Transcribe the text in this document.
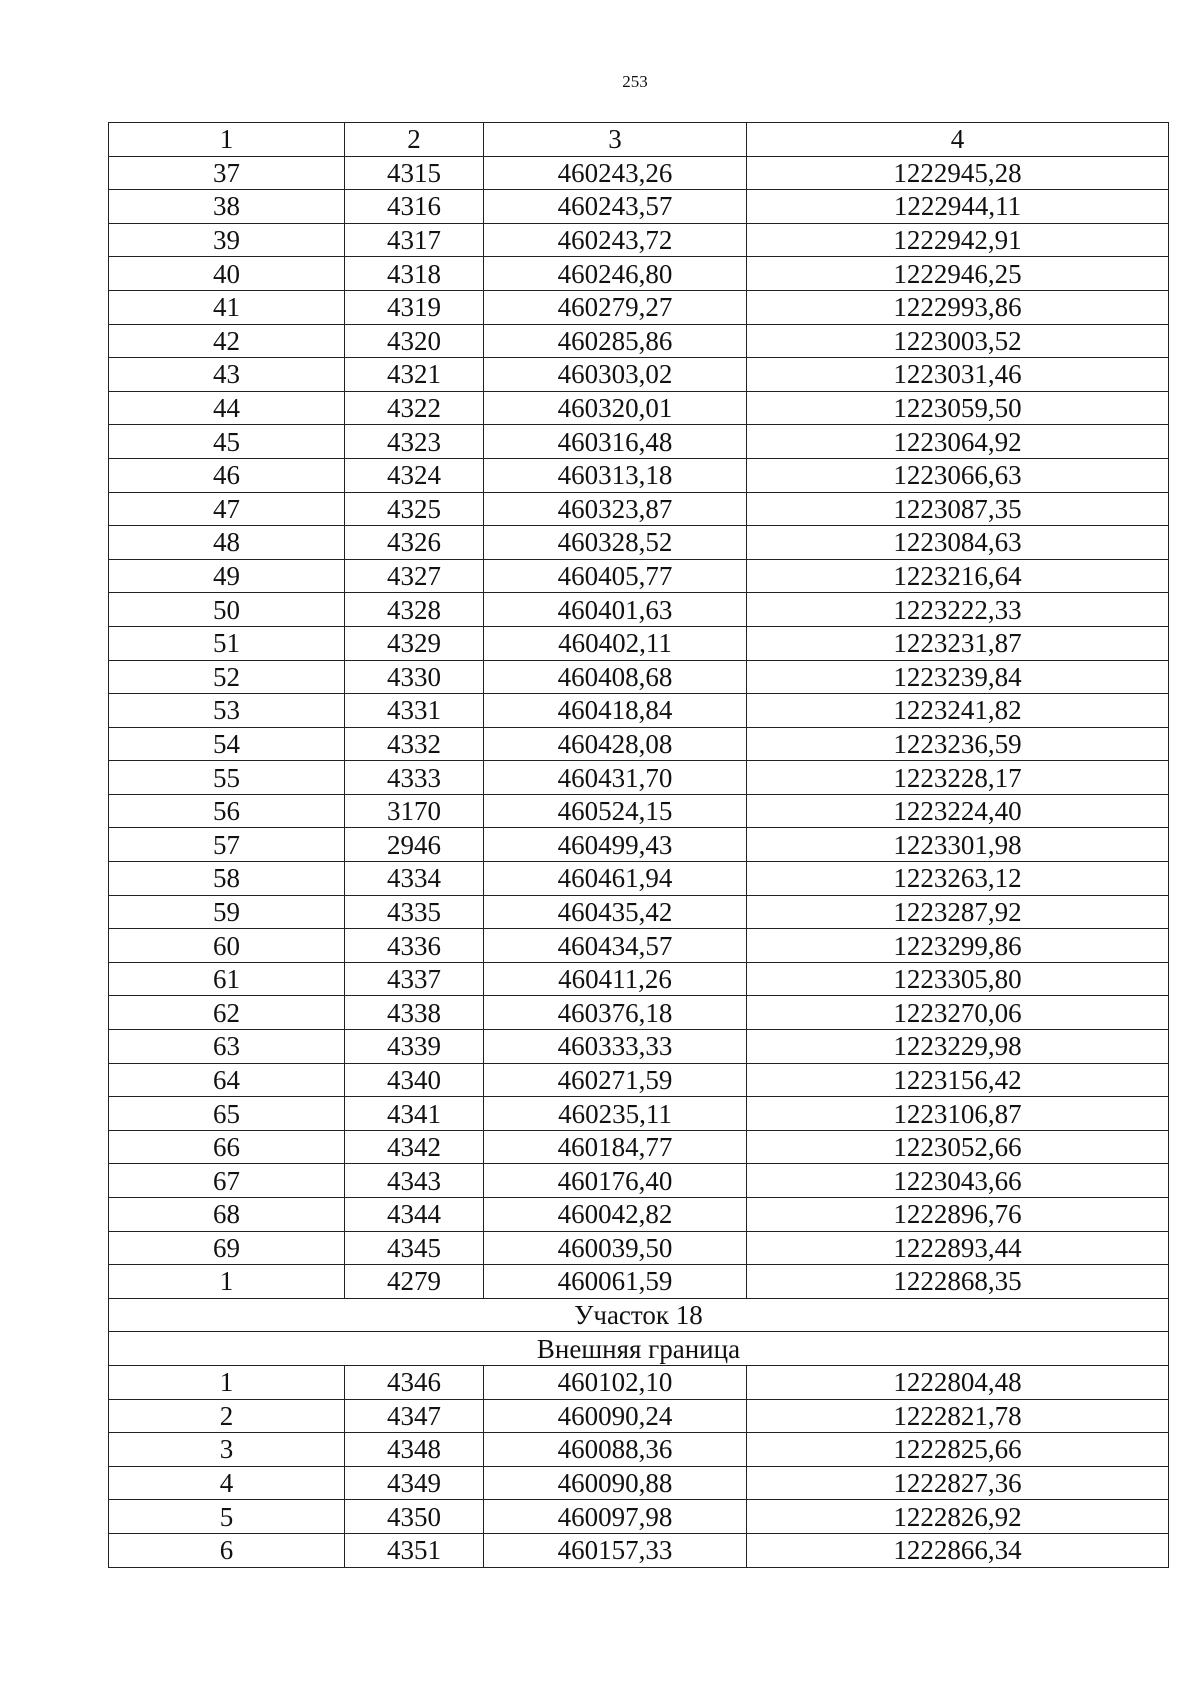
253
1	2	3	4
37	4315	460243,26	1222945,28
38	4316	460243,57	1222944,11
39	4317	460243,72	1222942,91
40	4318	460246,80	1222946,25
41	4319	460279,27	1222993,86
42	4320	460285,86	1223003,52
43	4321	460303,02	1223031,46
44	4322	460320,01	1223059,50
45	4323	460316,48	1223064,92
46	4324	460313,18	1223066,63
47	4325	460323,87	1223087,35
48	4326	460328,52	1223084,63
49	4327	460405,77	1223216,64
50	4328	460401,63	1223222,33
51	4329	460402,11	1223231,87
52	4330	460408,68	1223239,84
53	4331	460418,84	1223241,82
54	4332	460428,08	1223236,59
55	4333	460431,70	1223228,17
56	3170	460524,15	1223224,40
57	2946	460499,43	1223301,98
58	4334	460461,94	1223263,12
59	4335	460435,42	1223287,92
60	4336	460434,57	1223299,86
61	4337	460411,26	1223305,80
62	4338	460376,18	1223270,06
63	4339	460333,33	1223229,98
64	4340	460271,59	1223156,42
65	4341	460235,11	1223106,87
66	4342	460184,77	1223052,66
67	4343	460176,40	1223043,66
68	4344	460042,82	1222896,76
69	4345	460039,50	1222893,44
1	4279	460061,59	1222868,35
Участок 18			
Внешняя граница			
1	4346	460102,10	1222804,48
2	4347	460090,24	1222821,78
3	4348	460088,36	1222825,66
4	4349	460090,88	1222827,36
5	4350	460097,98	1222826,92
6	4351	460157,33	1222866,34
